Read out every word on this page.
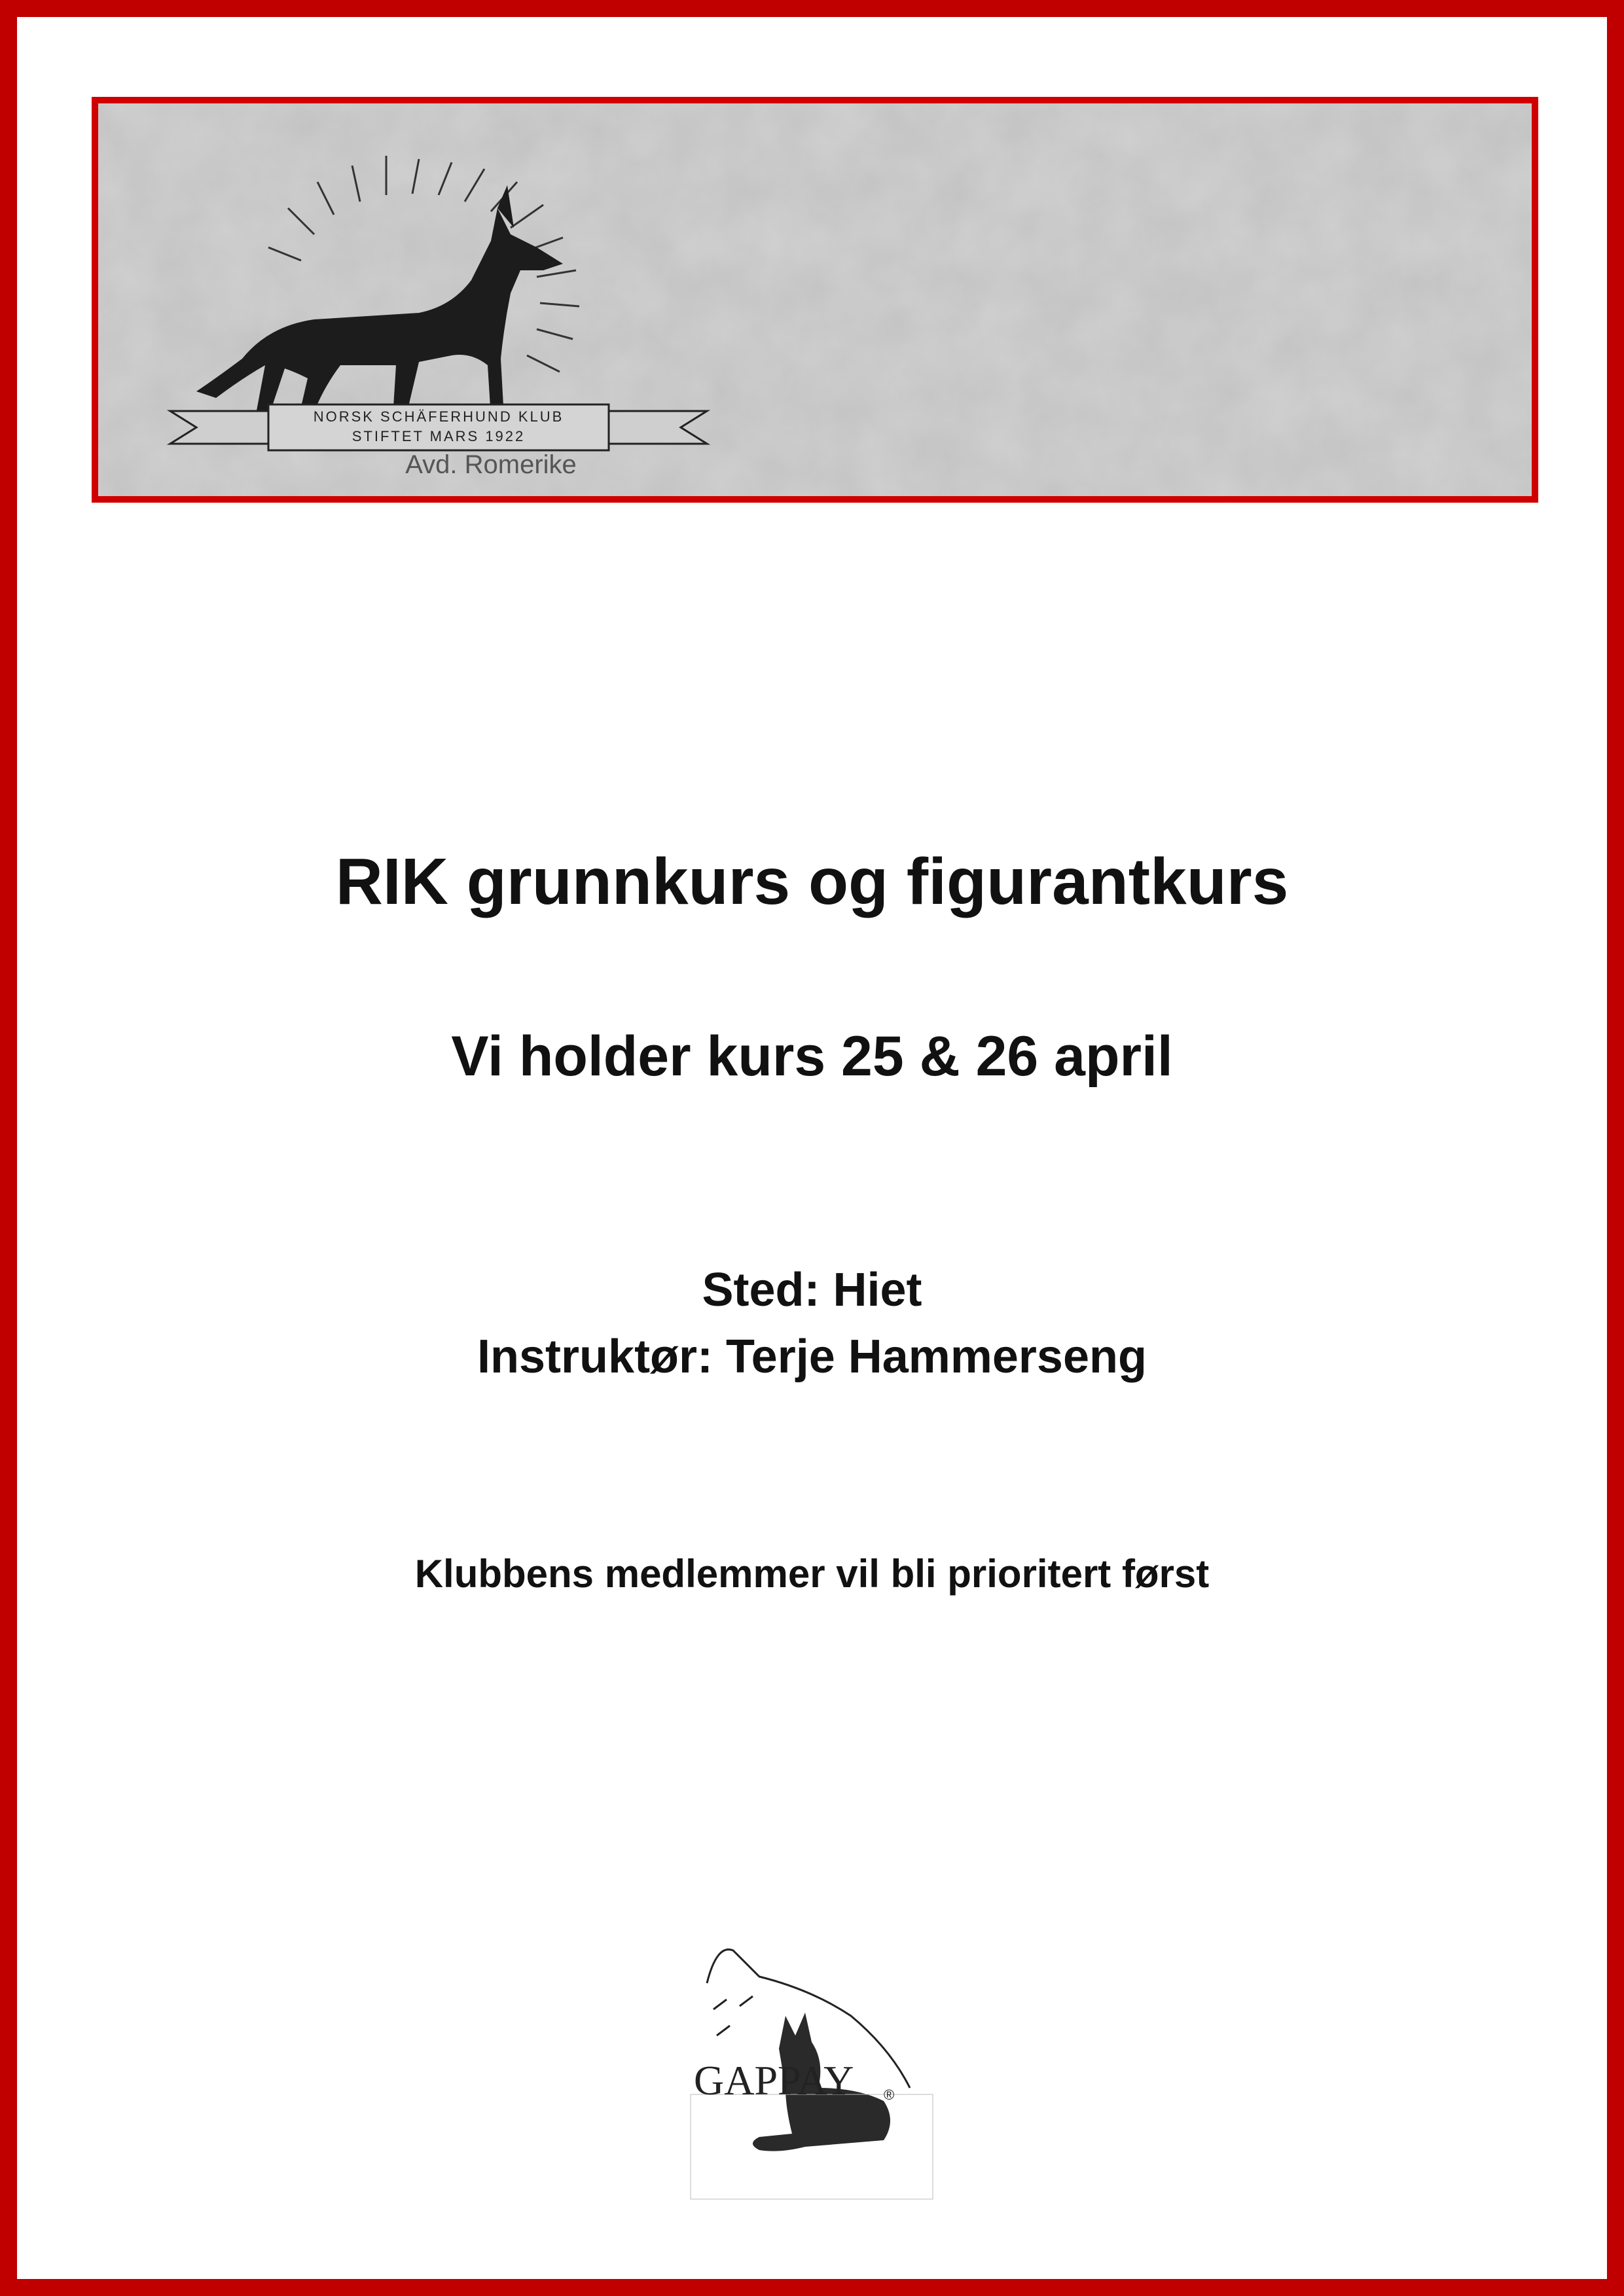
NORSK SCHÄFERHUND KLUB
STIFTET MARS 1922
Avd. Romerike
RIK grunnkurs og figurantkurs
Vi holder kurs 25 & 26 april
Sted: Hiet
Instruktør: Terje Hammerseng
Klubbens medlemmer vil bli prioritert først
GAPPAY ®
